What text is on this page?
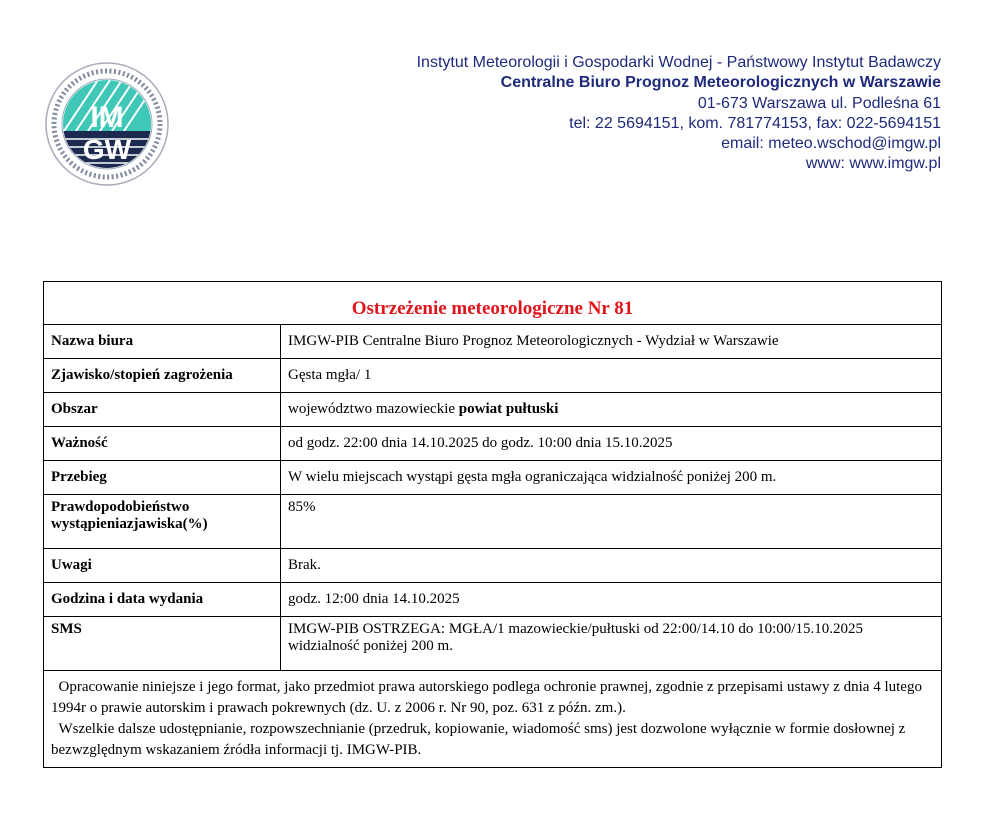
IM
GW
Instytut Meteorologii i Gospodarki Wodnej - Państwowy Instytut Badawczy
Centralne Biuro Prognoz Meteorologicznych w Warszawie
01-673 Warszawa ul. Podleśna 61
tel: 22 5694151, kom. 781774153, fax: 022-5694151
email: meteo.wschod@imgw.pl
www: www.imgw.pl
Ostrzeżenie meteorologiczne Nr 81	
Nazwa biura	IMGW-PIB Centralne Biuro Prognoz Meteorologicznych - Wydział w Warszawie
Zjawisko/stopień zagrożenia	Gęsta mgła/ 1
Obszar	województwo mazowieckie powiat pułtuski
Ważność	od godz. 22:00 dnia 14.10.2025 do godz. 10:00 dnia 15.10.2025
Przebieg	W wielu miejscach wystąpi gęsta mgła ograniczająca widzialność poniżej 200 m.
Prawdopodobieństwo wystąpieniazjawiska(%)	85%
Uwagi	Brak.
Godzina i data wydania	godz. 12:00 dnia 14.10.2025
SMS	IMGW-PIB OSTRZEGA: MGŁA/1 mazowieckie/pułtuski od 22:00/14.10 do 10:00/15.10.2025 widzialność poniżej 200 m.
Opracowanie niniejsze i jego format, jako przedmiot prawa autorskiego podlega ochronie prawnej, zgodnie z przepisami ustawy z dnia 4 lutego 1994r o prawie autorskim i prawach pokrewnych (dz. U. z 2006 r. Nr 90, poz. 631 z późn. zm.).
Wszelkie dalsze udostępnianie, rozpowszechnianie (przedruk, kopiowanie, wiadomość sms) jest dozwolone wyłącznie w formie dosłownej z bezwzględnym wskazaniem źródła informacji tj. IMGW-PIB.	
